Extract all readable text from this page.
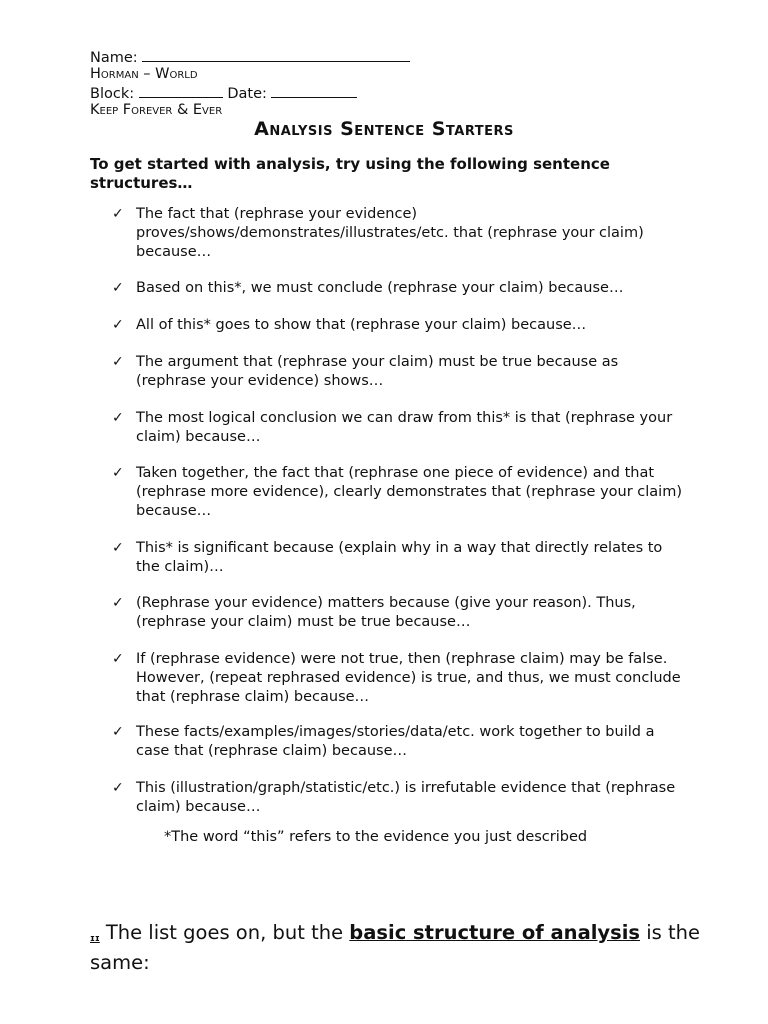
Name:
Horman – World
Block:	Date:
Keep Forever & Ever
Analysis Sentence Starters
To get started with analysis, try using the following sentence structures…
✓ The fact that (rephrase your evidence) proves/shows/demonstrates/illustrates/etc. that (rephrase your claim) because…
✓ Based on this*, we must conclude (rephrase your claim) because…
✓ All of this* goes to show that (rephrase your claim) because…
✓ The argument that (rephrase your claim) must be true because as (rephrase your evidence) shows…
✓ The most logical conclusion we can draw from this* is that (rephrase your claim) because…
✓ Taken together, the fact that (rephrase one piece of evidence) and that (rephrase more evidence), clearly demonstrates that (rephrase your claim) because…
✓ This* is significant because (explain why in a way that directly relates to the claim)…
✓ (Rephrase your evidence) matters because (give your reason). Thus, (rephrase your claim) must be true because…
✓ If (rephrase evidence) were not true, then (rephrase claim) may be false. However, (repeat rephrased evidence) is true, and thus, we must conclude that (rephrase claim) because…
✓ These facts/examples/images/stories/data/etc. work together to build a case that (rephrase claim) because…
✓ This (illustration/graph/statistic/etc.) is irrefutable evidence that (rephrase claim) because…
*The word “this” refers to the evidence you just described
ɪɪ The list goes on, but the basic structure of analysis is the same:
